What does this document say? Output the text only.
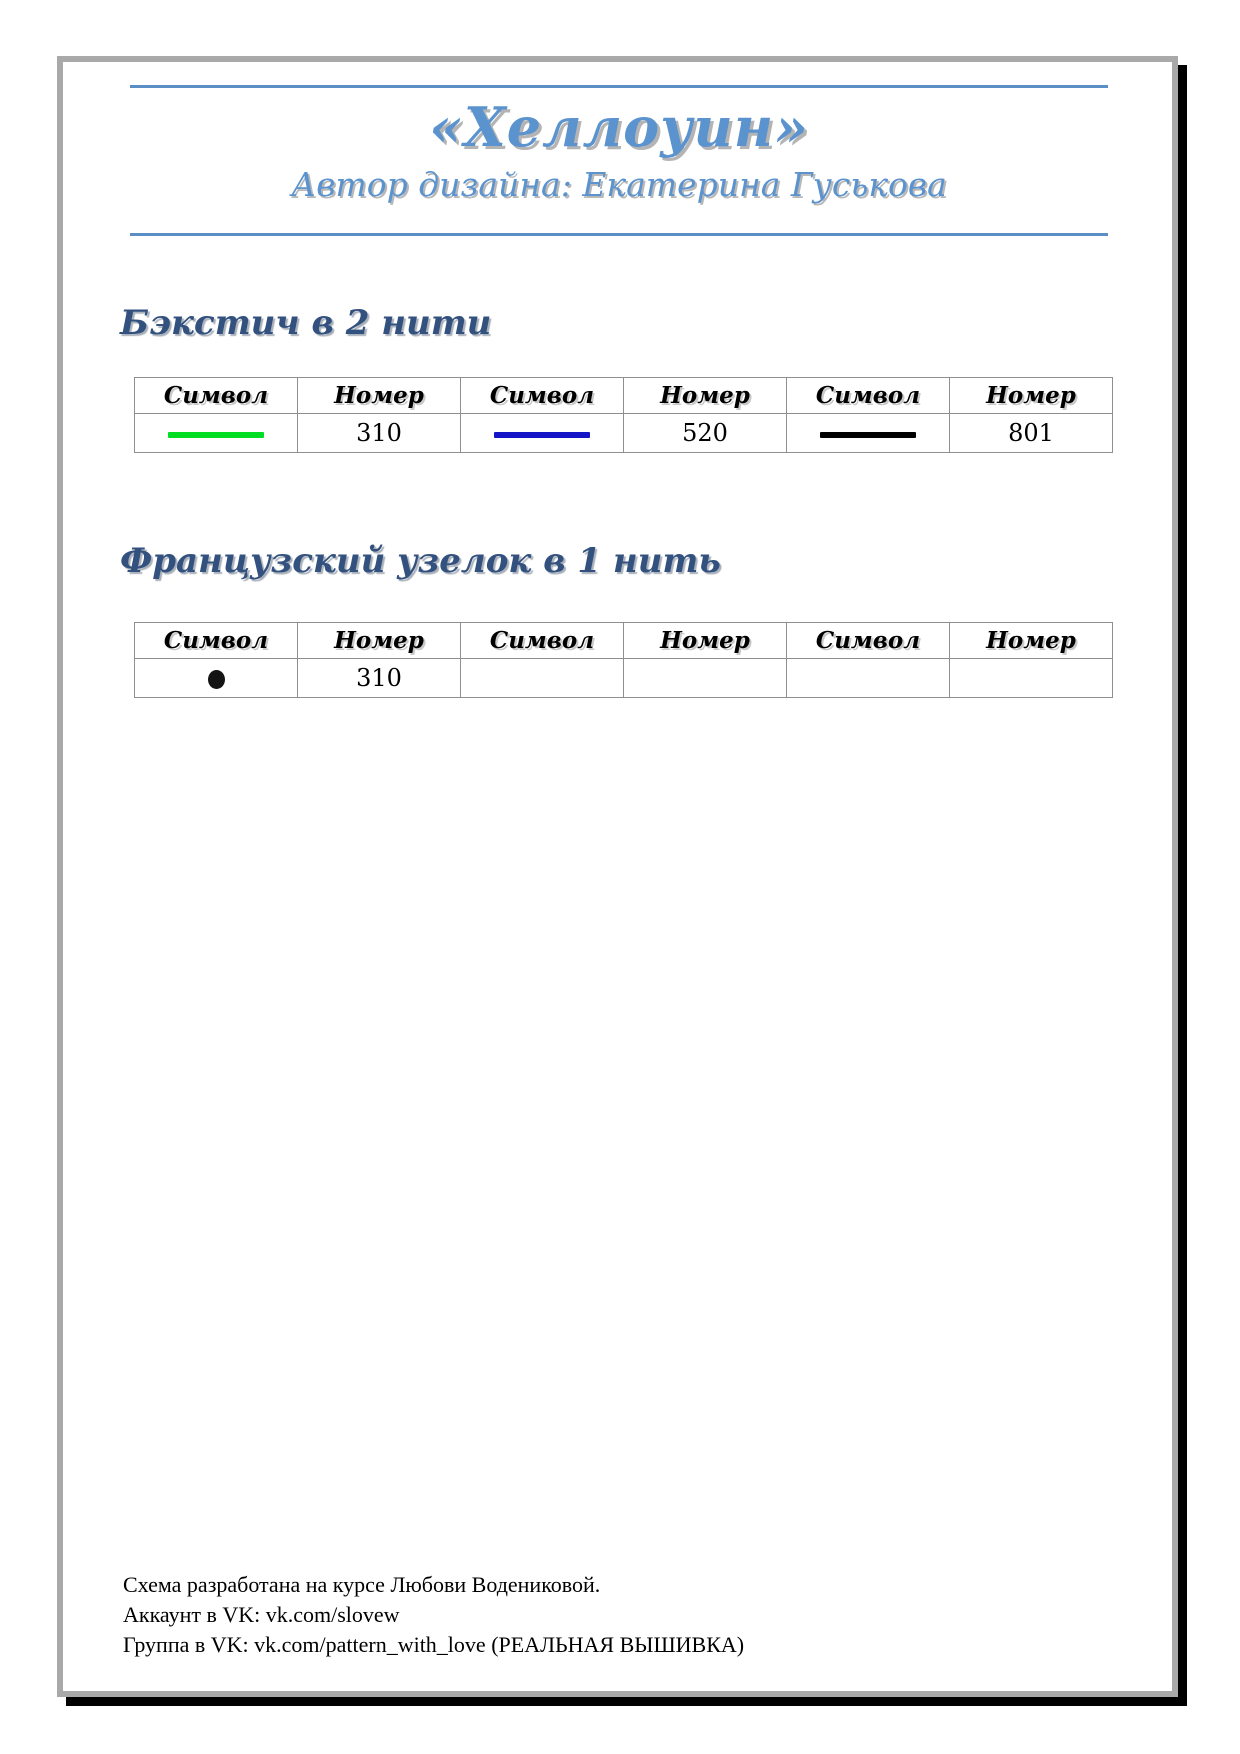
«Хеллоуин»
Автор дизайна: Екатерина Гуськова
Бэкстич в 2 нити
Символ	Номер	Символ	Номер	Символ	Номер
	310		520		801
Французский узелок в 1 нить
Символ	Номер	Символ	Номер	Символ	Номер
	310				
Схема разработана на курсе Любови Водениковой.
Аккаунт в VK: vk.com/slovew
Группа в VK: vk.com/pattern_with_love (РЕАЛЬНАЯ ВЫШИВКА)
